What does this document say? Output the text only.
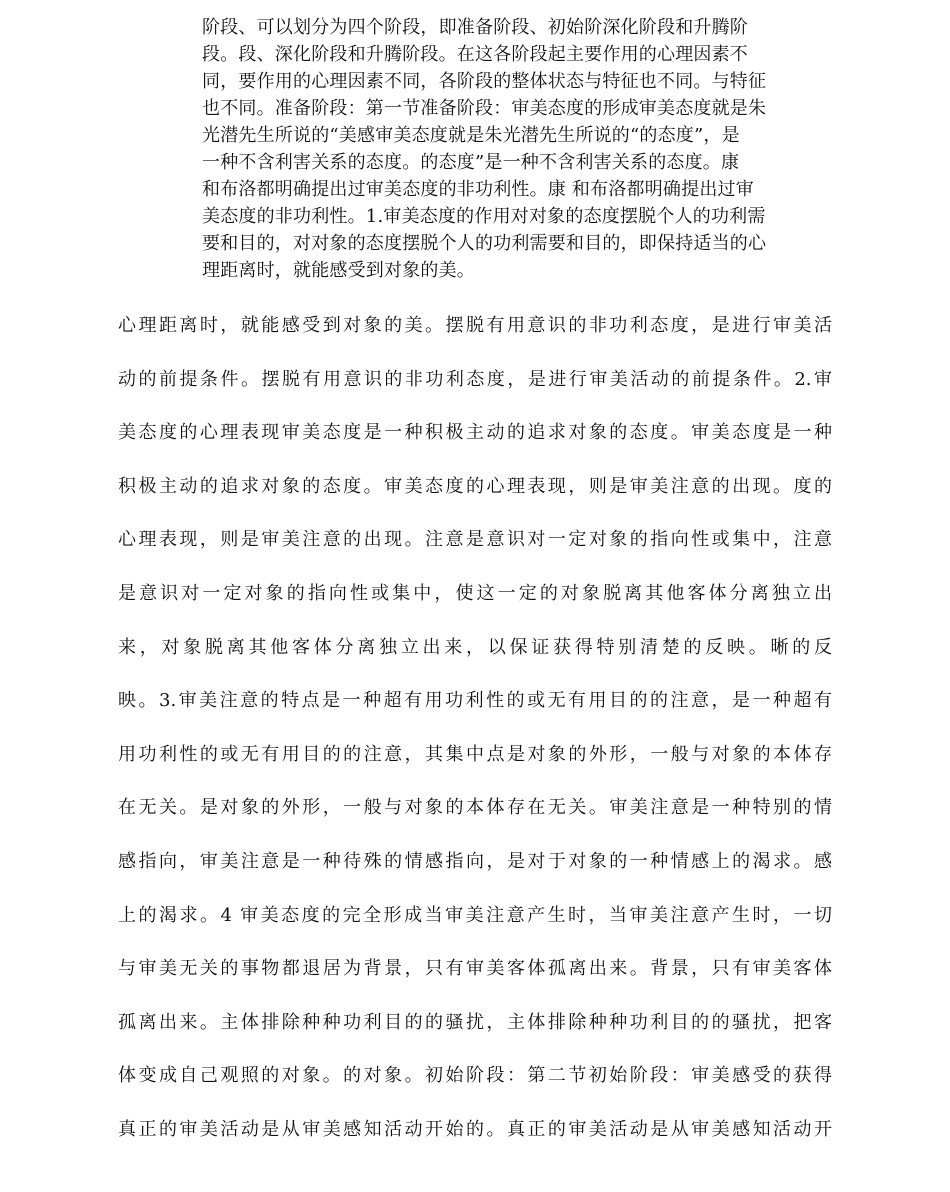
阶段、可以划分为四个阶段，即准备阶段、初始阶深化阶段和升腾阶
段。段、深化阶段和升腾阶段。在这各阶段起主要作用的心理因素不
同，要作用的心理因素不同，各阶段的整体状态与特征也不同。与特征
也不同。准备阶段：第一节准备阶段：审美态度的形成审美态度就是朱
光潜先生所说的“美感审美态度就是朱光潜先生所说的“的态度”，是
一种不含利害关系的态度。的态度”是一种不含利害关系的态度。康
和布洛都明确提出过审美态度的非功利性。康 和布洛都明确提出过审
美态度的非功利性。1.审美态度的作用对对象的态度摆脱个人的功利需
要和目的，对对象的态度摆脱个人的功利需要和目的，即保持适当的心
理距离时，就能感受到对象的美。
心理距离时，就能感受到对象的美。摆脱有用意识的非功利态度，是进行审美活
动的前提条件。摆脱有用意识的非功利态度，是进行审美活动的前提条件。2.审
美态度的心理表现审美态度是一种积极主动的追求对象的态度。审美态度是一种
积极主动的追求对象的态度。审美态度的心理表现，则是审美注意的出现。度的
心理表现，则是审美注意的出现。注意是意识对一定对象的指向性或集中，注意
是意识对一定对象的指向性或集中，使这一定的对象脱离其他客体分离独立出
来，对象脱离其他客体分离独立出来，以保证获得特别清楚的反映。晰的反
映。3.审美注意的特点是一种超有用功利性的或无有用目的的注意，是一种超有
用功利性的或无有用目的的注意，其集中点是对象的外形，一般与对象的本体存
在无关。是对象的外形，一般与对象的本体存在无关。审美注意是一种特别的情
感指向，审美注意是一种待殊的情感指向，是对于对象的一种情感上的渴求。感
上的渴求。4 审美态度的完全形成当审美注意产生时，当审美注意产生时，一切
与审美无关的事物都退居为背景，只有审美客体孤离出来。背景，只有审美客体
孤离出来。主体排除种种功利目的的骚扰，主体排除种种功利目的的骚扰，把客
体变成自己观照的对象。的对象。初始阶段：第二节初始阶段：审美感受的获得
真正的审美活动是从审美感知活动开始的。真正的审美活动是从审美感知活动开
